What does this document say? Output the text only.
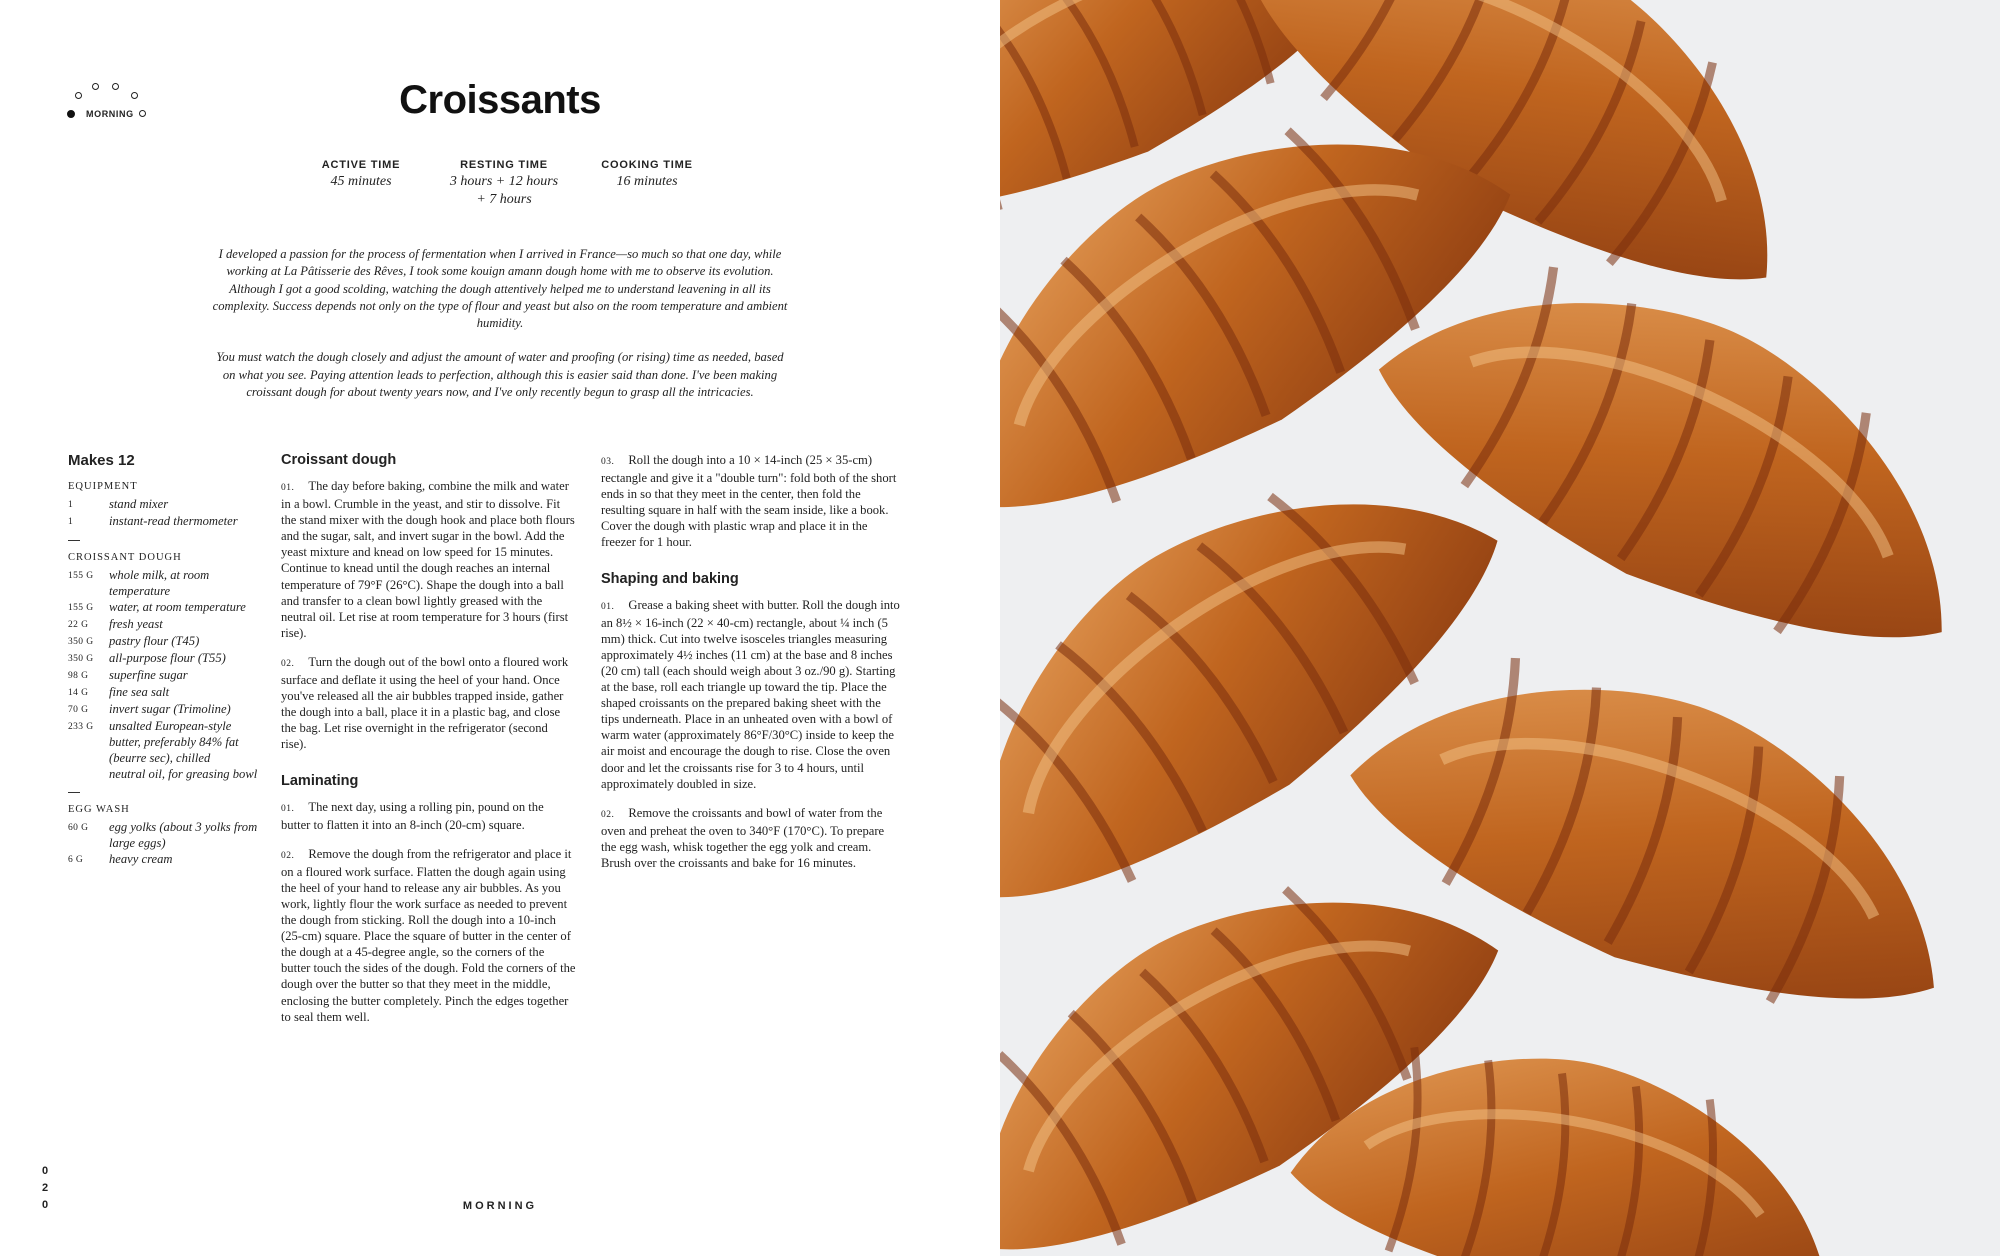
MORNING	Croissants
ACTIVE TIME
45 minutes
RESTING TIME
3 hours + 12 hours + 7 hours
COOKING TIME
16 minutes

I developed a passion for the process of fermentation when I arrived in France—so much so that one day, while working at La Pâtisserie des Rêves, I took some kouign amann dough home with me to observe its evolution. Although I got a good scolding, watching the dough attentively helped me to understand leavening in all its complexity. Success depends not only on the type of flour and yeast but also on the room temperature and ambient humidity.

You must watch the dough closely and adjust the amount of water and proofing (or rising) time as needed, based on what you see. Paying attention leads to perfection, although this is easier said than done. I've been making croissant dough for about twenty years now, and I've only recently begun to grasp all the intricacies.

Makes 12
EQUIPMENT
1	stand mixer
1	instant-read thermometer
CROISSANT DOUGH
155 G	whole milk, at room temperature
155 G	water, at room temperature
22 G	fresh yeast
350 G	pastry flour (T45)
350 G	all-purpose flour (T55)
98 G	superfine sugar
14 G	fine sea salt
70 G	invert sugar (Trimoline)
233 G	unsalted European-style butter, preferably 84% fat (beurre sec), chilled
neutral oil, for greasing bowl
EGG WASH
60 G	egg yolks (about 3 yolks from large eggs)
6 G	heavy cream
Croissant dough

01. The day before baking, combine the milk and water in a bowl. Crumble in the yeast, and stir to dissolve. Fit the stand mixer with the dough hook and place both flours and the sugar, salt, and invert sugar in the bowl. Add the yeast mixture and knead on low speed for 15 minutes. Continue to knead until the dough reaches an internal temperature of 79°F (26°C). Shape the dough into a ball and transfer to a clean bowl lightly greased with the neutral oil. Let rise at room temperature for 3 hours (first rise).

02. Turn the dough out of the bowl onto a floured work surface and deflate it using the heel of your hand. Once you've released all the air bubbles trapped inside, gather the dough into a ball, place it in a plastic bag, and close the bag. Let rise overnight in the refrigerator (second rise).

Laminating

01. The next day, using a rolling pin, pound on the butter to flatten it into an 8-inch (20-cm) square.

02. Remove the dough from the refrigerator and place it on a floured work surface. Flatten the dough again using the heel of your hand to release any air bubbles. As you work, lightly flour the work surface as needed to prevent the dough from sticking. Roll the dough into a 10-inch (25-cm) square. Place the square of butter in the center of the dough at a 45-degree angle, so the corners of the butter touch the sides of the dough. Fold the corners of the dough over the butter so that they meet in the middle, enclosing the butter completely. Pinch the edges together to seal them well.

03. Roll the dough into a 10 × 14-inch (25 × 35-cm) rectangle and give it a "double turn": fold both of the short ends in so that they meet in the center, then fold the resulting square in half with the seam inside, like a book. Cover the dough with plastic wrap and place it in the freezer for 1 hour.

Shaping and baking

01. Grease a baking sheet with butter. Roll the dough into an 8½ × 16-inch (22 × 40-cm) rectangle, about ¼ inch (5 mm) thick. Cut into twelve isosceles triangles measuring approximately 4½ inches (11 cm) at the base and 8 inches (20 cm) tall (each should weigh about 3 oz./90 g). Starting at the base, roll each triangle up toward the tip. Place the shaped croissants on the prepared baking sheet with the tips underneath. Place in an unheated oven with a bowl of warm water (approximately 86°F/30°C) inside to keep the air moist and encourage the dough to rise. Close the oven door and let the croissants rise for 3 to 4 hours, until approximately doubled in size.

02. Remove the croissants and bowl of water from the oven and preheat the oven to 340°F (170°C). To prepare the egg wash, whisk together the egg yolk and cream. Brush over the croissants and bake for 16 minutes.

0
2
0	MORNING
